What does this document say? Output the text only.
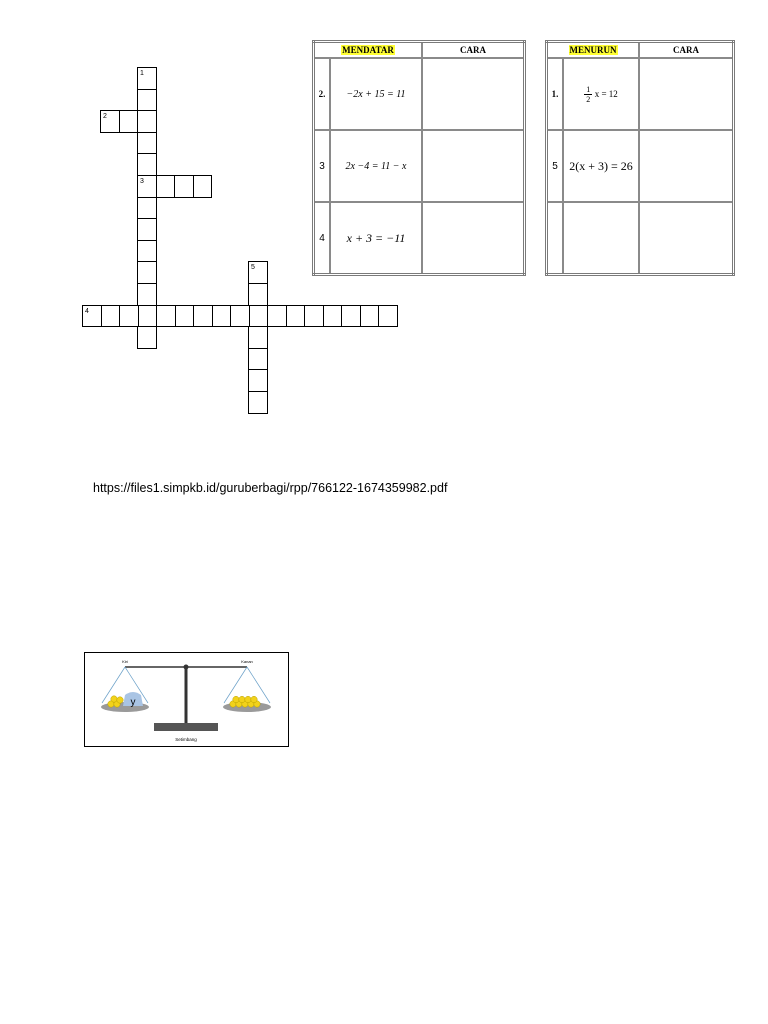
1
2
3
4
5
MENDATAR		CARA
2.	−2x + 15 = 11	
3	2x −4 = 11 − x	
4	x + 3 = −11	
MENURUN		CARA
1.	$\frac{1}{2}$ x = 12	
5	2(x + 3) = 26	

https://files1.simpkb.id/guruberbagi/rpp/766122-1674359982.pdf
y
Kiri	Kanan
Setimbang
